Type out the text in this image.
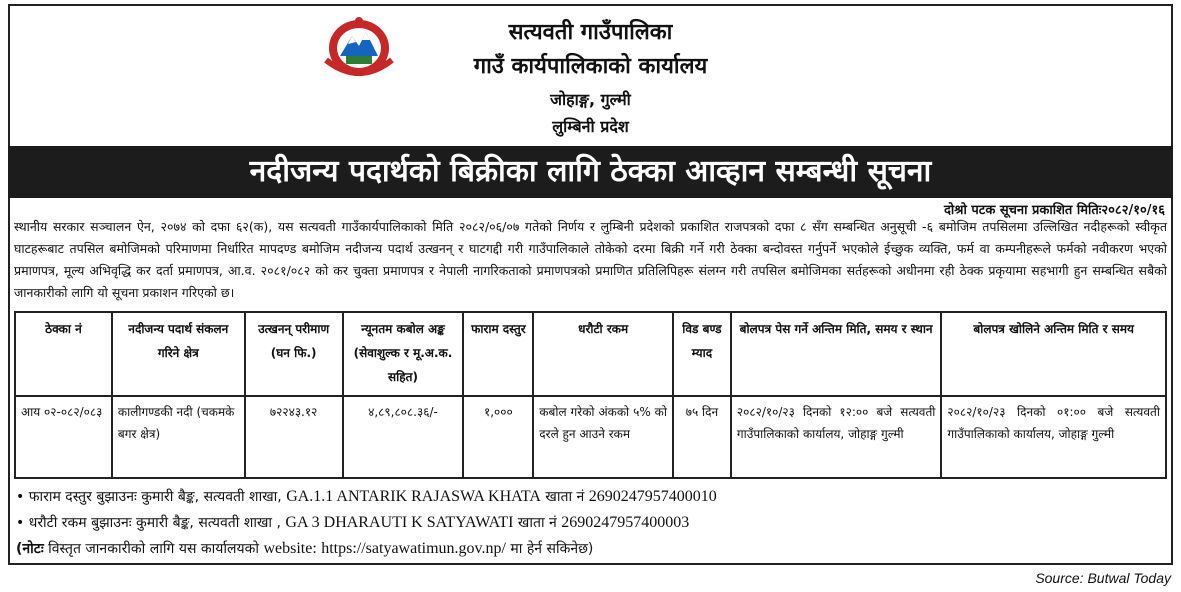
सत्यवती गाउँपालिका
गाउँ कार्यपालिकाको कार्यालय
जोहाङ्ग, गुल्मी
लुम्बिनी प्रदेश
नदीजन्य पदार्थको बिक्रीका लागि ठेक्का आव्हान सम्बन्धी सूचना
दोश्रो पटक सूचना प्रकाशित मितिः२०८२/१०/१६
स्थानीय सरकार सञ्चालन ऐन, २०७४ को दफा ६२(क), यस सत्यवती गाउँकार्यपालिकाको मिति २०८२/०६/०७ गतेको निर्णय र लुम्बिनी प्रदेशको प्रकाशित राजपत्रको दफा ८ सँग सम्बन्धित अनुसूची -६ बमोजिम तपसिलमा उल्लिखित नदीहरूको स्वीकृत घाटहरूबाट तपसिल बमोजिमको परिमाणमा निर्धारित मापदण्ड बमोजिम नदीजन्य पदार्थ उत्खनन् र घाटगद्दी गरी गाउँपालिकाले तोकेको दरमा बिक्री गर्ने गरी ठेक्का बन्दोवस्त गर्नुपर्ने भएकोले ईच्छुक व्यक्ति, फर्म वा कम्पनीहरूले फर्मको नवीकरण भएको प्रमाणपत्र, मूल्य अभिवृद्धि कर दर्ता प्रमाणपत्र, आ.व. २०८१/०८२ को कर चुक्ता प्रमाणपत्र र नेपाली नागरिकताको प्रमाणपत्रको प्रमाणित प्रतिलिपिहरू संलग्न गरी तपसिल बमोजिमका सर्तहरूको अधीनमा रही ठेक्क प्रकृयामा सहभागी हुन सम्बन्धित सबैको जानकारीको लागि यो सूचना प्रकाशन गरिएको छ।
ठेक्का नं	नदीजन्य पदार्थ संकलन गरिने क्षेत्र	उत्खनन् परीमाण (घन फि.)	न्यूनतम कबोल अङ्क (सेवाशुल्क र मू.अ.क. सहित)	फाराम दस्तुर	धरौटी रकम	विड बण्ड म्याद	बोलपत्र पेस गर्ने अन्तिम मिति, समय र स्थान	बोलपत्र खोलिने अन्तिम मिति र समय
आय ०२-०८२/०८३	कालीगण्डकी नदी (चकमके बगर क्षेत्र)	७२२४३.१२	४,८९,८०८.३६/-	१,०००	कबोल गरेको अंकको ५% को दरले हुन आउने रकम	७५ दिन	२०८२/१०/२३ दिनको १२:०० बजे सत्यवती गाउँपालिकाको कार्यालय, जोहाङ्ग गुल्मी	२०८२/१०/२३ दिनको ०१:०० बजे सत्यवती गाउँपालिकाको कार्यालय, जोहाङ्ग गुल्मी
• फाराम दस्तुर बुझाउनः कुमारी बैङ्क, सत्यवती शाखा, GA.1.1 ANTARIK RAJASWA KHATA खाता नं 2690247957400010
• धरौटी रकम बुझाउनः कुमारी बैङ्क, सत्यवती शाखा , GA 3 DHARAUTI K SATYAWATI खाता नं 2690247957400003
(नोटः विस्तृत जानकारीको लागि यस कार्यालयको website: https://satyawatimun.gov.np/ मा हेर्न सकिनेछ)
Source: Butwal Today
